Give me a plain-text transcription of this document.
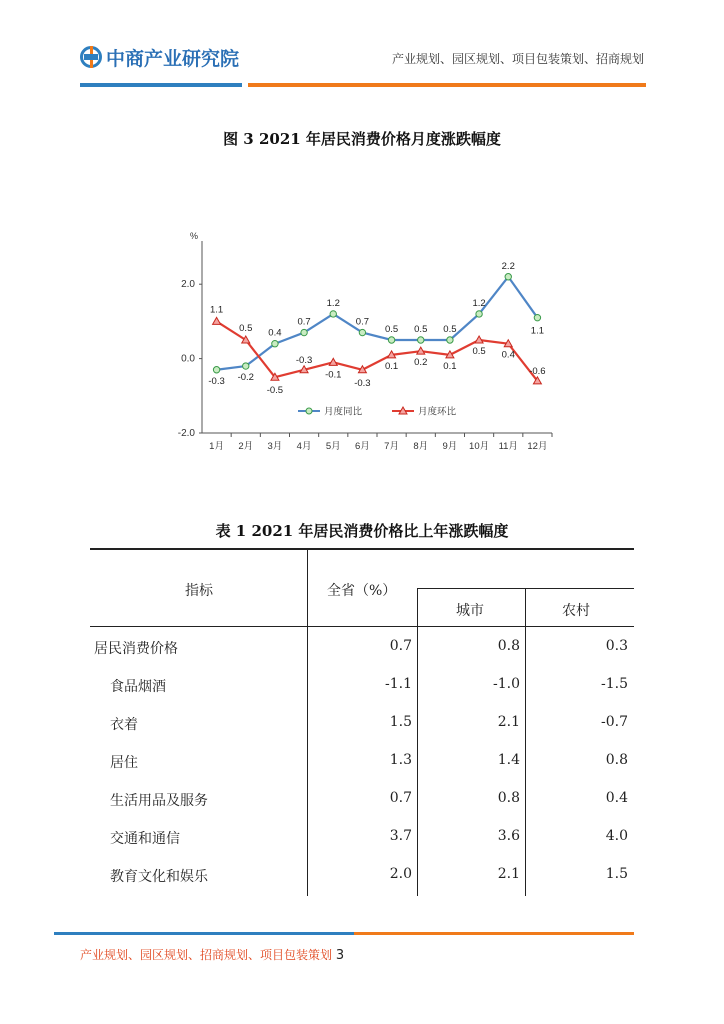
中商产业研究院	产业规划、园区规划、项目包装策划、招商规划
图 3 2021 年居民消费价格月度涨跌幅度
%
2.0
0.0
-2.0
1月 2月 3月 4月 5月 6月 7月 8月 9月 10月 11月 12月
-0.3 -0.2
0.4
0.7
1.2
0.7
0.5 0.5 0.5
1.2
2.2
1.1
1.1
0.5
-0.5
-0.3
-0.1
-0.3
0.1 0.2 0.1
0.5 0.4
-0.6
月度同比	月度环比
表 1 2021 年居民消费价格比上年涨跌幅度
指标	全省（%）
城市	农村
居民消费价格	0.7	0.8	0.3
食品烟酒	-1.1	-1.0	-1.5
衣着	1.5	2.1	-0.7
居住	1.3	1.4	0.8
生活用品及服务	0.7	0.8	0.4
交通和通信	3.7	3.6	4.0
教育文化和娱乐	2.0	2.1	1.5
产业规划、园区规划、招商规划、项目包装策划 3
